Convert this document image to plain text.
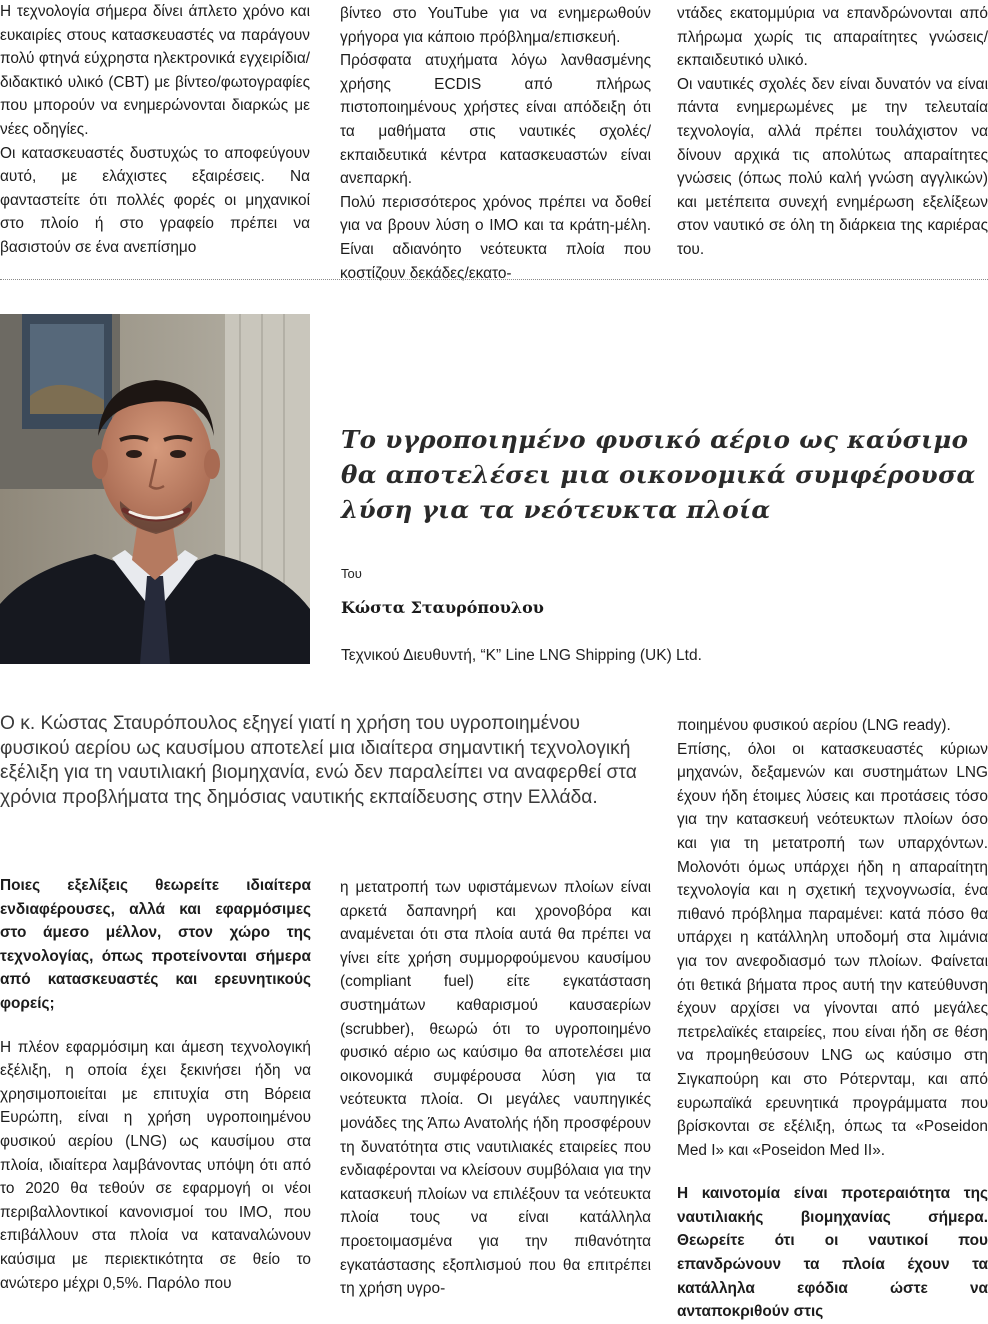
Η τεχνολογία σήμερα δίνει άπλετο χρόνο και ευκαιρίες στους κατασκευαστές να παράγουν πολύ φτηνά εύχρηστα ηλεκτρονικά εγχειρίδια/διδακτικό υλικό (CBT) με βίντεο/φωτογραφίες που μπορούν να ενημερώνονται διαρκώς με νέες οδηγίες.

Οι κατασκευαστές δυστυχώς το αποφεύγουν αυτό, με ελάχιστες εξαιρέσεις. Να φανταστείτε ότι πολλές φορές οι μηχανικοί στο πλοίο ή στο γραφείο πρέπει να βασιστούν σε ένα ανεπίσημο

βίντεο στο YouTube για να ενημερωθούν γρήγορα για κάποιο πρόβλημα/επισκευή.

Πρόσφατα ατυχήματα λόγω λανθασμένης χρήσης ECDIS από πλήρως πιστοποιημένους χρήστες είναι απόδειξη ότι τα μαθήματα στις ναυτικές σχολές/εκπαιδευτικά κέντρα κατασκευαστών είναι ανεπαρκή.

Πολύ περισσότερος χρόνος πρέπει να δοθεί για να βρουν λύση ο IMO και τα κράτη-μέλη. Είναι αδιανόητο νεότευκτα πλοία που κοστίζουν δεκάδες/εκατο-

ντάδες εκατομμύρια να επανδρώνονται από πλήρωμα χωρίς τις απαραίτητες γνώσεις/εκπαιδευτικό υλικό.

Οι ναυτικές σχολές δεν είναι δυνατόν να είναι πάντα ενημερωμένες με την τελευταία τεχνολογία, αλλά πρέπει τουλάχιστον να δίνουν αρχικά τις απολύτως απαραίτητες γνώσεις (όπως πολύ καλή γνώση αγγλικών) και μετέπειτα συνεχή ενημέρωση εξελίξεων στον ναυτικό σε όλη τη διάρκεια της καριέρας του.

Το υγροποιημένο φυσικό αέριο ως καύσιμο θα αποτελέσει μια οικονομικά συμφέρουσα λύση για τα νεότευκτα πλοία
Του
Κώστα Σταυρόπουλου
Τεχνικού Διευθυντή, “K” Line LNG Shipping (UK) Ltd.

Ο κ. Κώστας Σταυρόπουλος εξηγεί γιατί η χρήση του υγροποιημένου φυσικού αερίου ως καυσίμου αποτελεί μια ιδιαίτερα σημαντική τεχνολογική εξέλιξη για τη ναυτιλιακή βιομηχανία, ενώ δεν παραλείπει να αναφερθεί στα χρόνια προβλήματα της δημόσιας ναυτικής εκπαίδευσης στην Ελλάδα.

Ποιες εξελίξεις θεωρείτε ιδιαίτερα ενδιαφέρουσες, αλλά και εφαρμόσιμες στο άμεσο μέλλον, στον χώρο της τεχνολογίας, όπως προτείνονται σήμερα από κατασκευαστές και ερευνητικούς φορείς;

Η πλέον εφαρμόσιμη και άμεση τεχνολογική εξέλιξη, η οποία έχει ξεκινήσει ήδη να χρησιμοποιείται με επιτυχία στη Βόρεια Ευρώπη, είναι η χρήση υγροποιημένου φυσικού αερίου (LNG) ως καυσίμου στα πλοία, ιδιαίτερα λαμβάνοντας υπόψη ότι από το 2020 θα τεθούν σε εφαρμογή οι νέοι περιβαλλοντικοί κανονισμοί του IMO, που επιβάλλουν στα πλοία να καταναλώνουν καύσιμα με περιεκτικότητα σε θείο το ανώτερο μέχρι 0,5%. Παρόλο που

η μετατροπή των υφιστάμενων πλοίων είναι αρκετά δαπανηρή και χρονοβόρα και αναμένεται ότι στα πλοία αυτά θα πρέπει να γίνει είτε χρήση συμμορφούμενου καυσίμου (compliant fuel) είτε εγκατάσταση συστημάτων καθαρισμού καυσαερίων (scrubber), θεωρώ ότι το υγροποιημένο φυσικό αέριο ως καύσιμο θα αποτελέσει μια οικονομικά συμφέρουσα λύση για τα νεότευκτα πλοία. Οι μεγάλες ναυπηγικές μονάδες της Άπω Ανατολής ήδη προσφέρουν τη δυνατότητα στις ναυτιλιακές εταιρείες που ενδιαφέρονται να κλείσουν συμβόλαια για την κατασκευή πλοίων να επιλέξουν τα νεότευκτα πλοία τους να είναι κατάλληλα προετοιμασμένα για την πιθανότητα εγκατάστασης εξοπλισμού που θα επιτρέπει τη χρήση υγρο-

ποιημένου φυσικού αερίου (LNG ready).

Επίσης, όλοι οι κατασκευαστές κύριων μηχανών, δεξαμενών και συστημάτων LNG έχουν ήδη έτοιμες λύσεις και προτάσεις τόσο για την κατασκευή νεότευκτων πλοίων όσο και για τη μετατροπή των υπαρχόντων. Μολονότι όμως υπάρχει ήδη η απαραίτητη τεχνολογία και η σχετική τεχνογνωσία, ένα πιθανό πρόβλημα παραμένει: κατά πόσο θα υπάρχει η κατάλληλη υποδομή στα λιμάνια για τον ανεφοδιασμό των πλοίων. Φαίνεται ότι θετικά βήματα προς αυτή την κατεύθυνση έχουν αρχίσει να γίνονται από μεγάλες πετρελαϊκές εταιρείες, που είναι ήδη σε θέση να προμηθεύσουν LNG ως καύσιμο στη Σιγκαπούρη και στο Ρότερνταμ, και από ευρωπαϊκά ερευνητικά προγράμματα που βρίσκονται σε εξέλιξη, όπως τα «Poseidon Med I» και «Poseidon Med II».

Η καινοτομία είναι προτεραιότητα της ναυτιλιακής βιομηχανίας σήμερα. Θεωρείτε ότι οι ναυτικοί που επανδρώνουν τα πλοία έχουν τα κατάλληλα εφόδια ώστε να ανταποκριθούν στις
